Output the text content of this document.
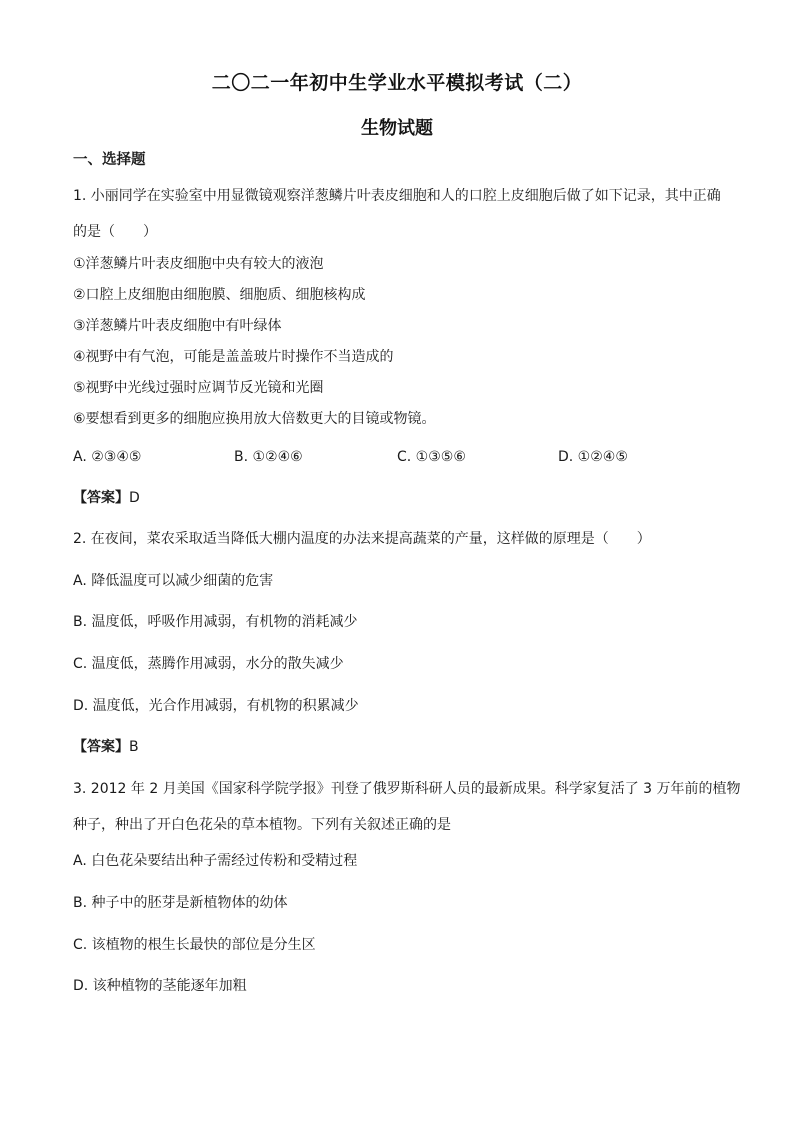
二〇二一年初中生学业水平模拟考试（二）
生物试题
一、选择题
1. 小丽同学在实验室中用显微镜观察洋葱鳞片叶表皮细胞和人的口腔上皮细胞后做了如下记录，其中正确
的是（　　）
①洋葱鳞片叶表皮细胞中央有较大的液泡
②口腔上皮细胞由细胞膜、细胞质、细胞核构成
③洋葱鳞片叶表皮细胞中有叶绿体
④视野中有气泡，可能是盖盖玻片时操作不当造成的
⑤视野中光线过强时应调节反光镜和光圈
⑥要想看到更多的细胞应换用放大倍数更大的目镜或物镜。
A. ②③④⑤	B. ①②④⑥	C. ①③⑤⑥	D. ①②④⑤
【答案】D
2. 在夜间，菜农采取适当降低大棚内温度的办法来提高蔬菜的产量，这样做的原理是（　　）
A. 降低温度可以减少细菌的危害
B. 温度低，呼吸作用减弱，有机物的消耗减少
C. 温度低，蒸腾作用减弱，水分的散失减少
D. 温度低，光合作用减弱，有机物的积累减少
【答案】B
3. 2012 年 2 月美国《国家科学院学报》刊登了俄罗斯科研人员的最新成果。科学家复活了 3 万年前的植物
种子，种出了开白色花朵的草本植物。下列有关叙述正确的是
A. 白色花朵要结出种子需经过传粉和受精过程
B. 种子中的胚芽是新植物体的幼体
C. 该植物的根生长最快的部位是分生区
D. 该种植物的茎能逐年加粗
